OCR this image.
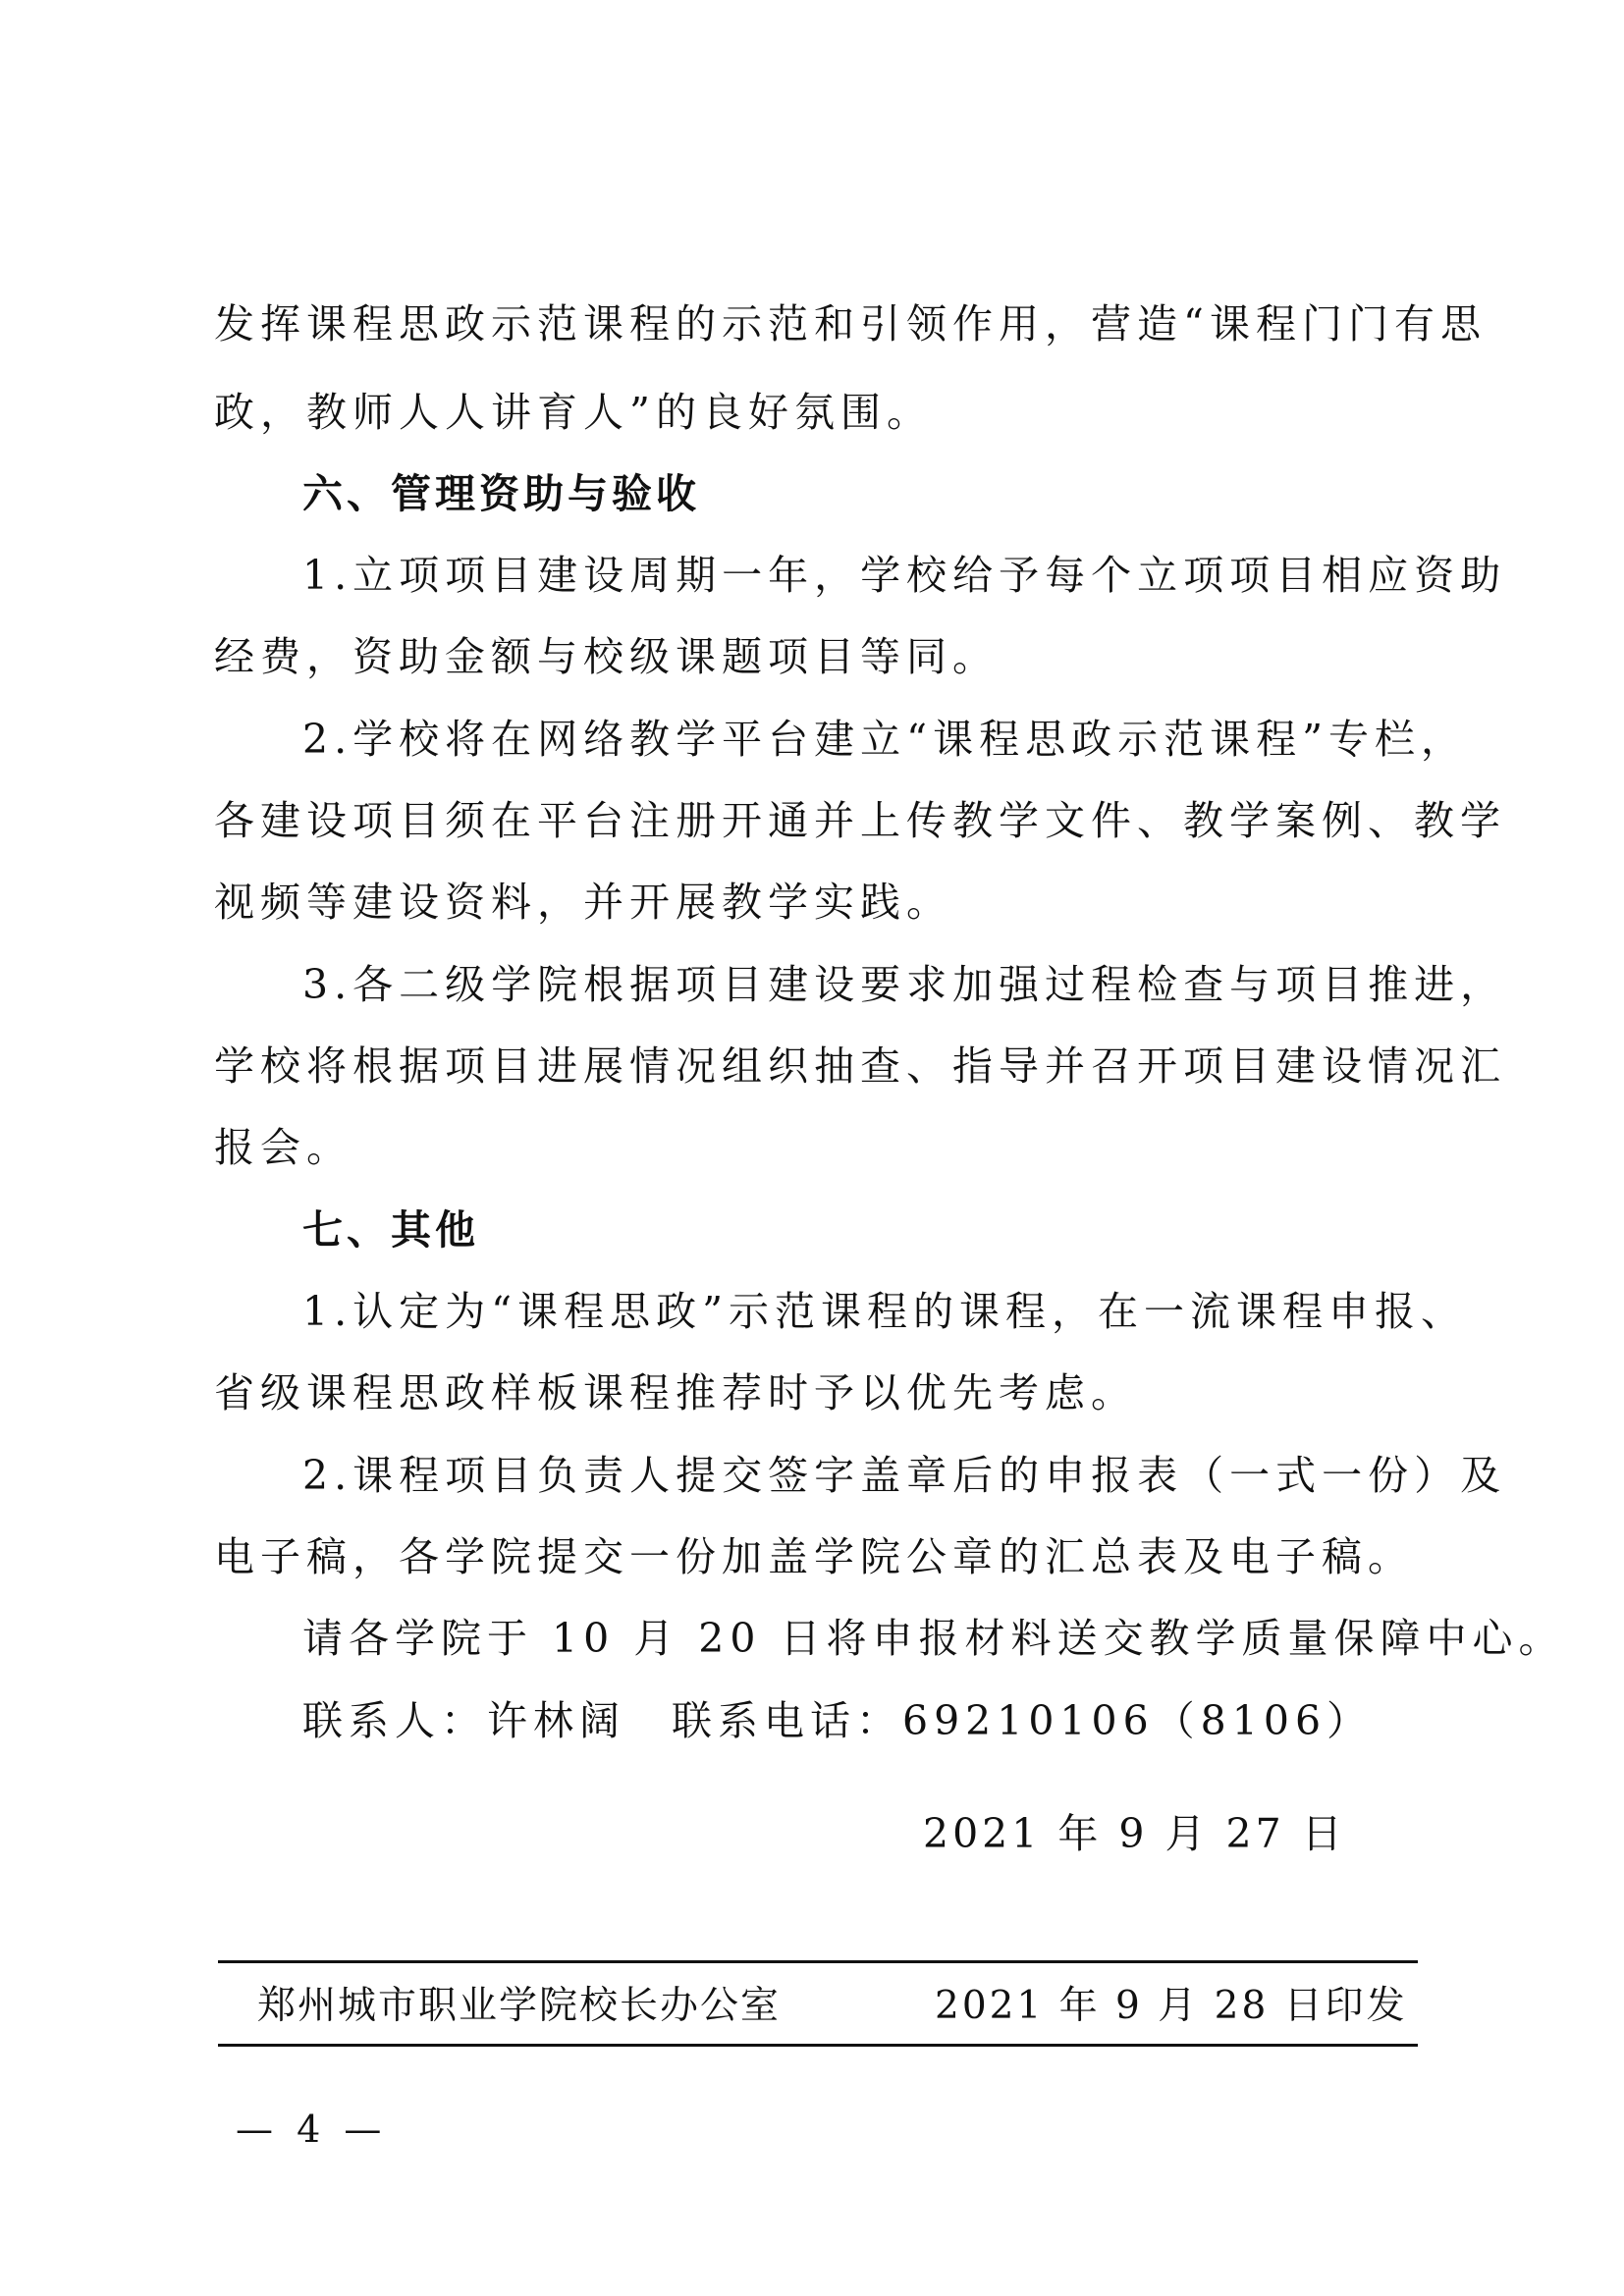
发挥课程思政示范课程的示范和引领作用，营造“课程门门有思
政，教师人人讲育人”的良好氛围。
六、管理资助与验收
1.立项项目建设周期一年，学校给予每个立项项目相应资助
经费，资助金额与校级课题项目等同。
2.学校将在网络教学平台建立“课程思政示范课程”专栏，
各建设项目须在平台注册开通并上传教学文件、教学案例、教学
视频等建设资料，并开展教学实践。
3.各二级学院根据项目建设要求加强过程检查与项目推进，
学校将根据项目进展情况组织抽查、指导并召开项目建设情况汇
报会。
七、其他
1.认定为“课程思政”示范课程的课程，在一流课程申报、
省级课程思政样板课程推荐时予以优先考虑。
2.课程项目负责人提交签字盖章后的申报表（一式一份）及
电子稿，各学院提交一份加盖学院公章的汇总表及电子稿。
请各学院于 10 月 20 日将申报材料送交教学质量保障中心。
联系人：许林阔　联系电话：69210106（8106）
2021 年 9 月 27 日
郑州城市职业学院校长办公室	2021 年 9 月 28 日印发
— 4 —
